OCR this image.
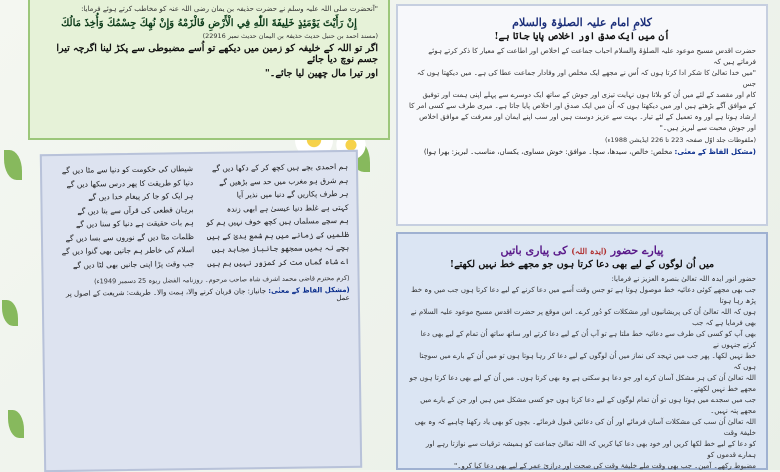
"آنحضرت صلی اللہ علیہ وسلم نے حضرت حذیفہ بن یمان رضی اللہ عنہ کو مخاطب کرتے ہوئے فرمایا:

إِنْ رَأَيْتَ يَوْمَئِذٍ خَلِيفَةَ اللّٰهِ فِي الْأَرْضِ فَالْزَمْهُ وَإِنْ نُهِكَ جِسْمُكَ وَأُخِذَ مَالُكَ

(مسند احمد بن حنبل حدیث حذیفۃ بن الیمان حدیث نمبر 22916)

اگر تو اللہ کے خلیفہ کو زمین میں دیکھے تو اُسے مضبوطی سے پکڑ لینا اگرچہ تیرا جسم نوچ دیا جائے

اور تیرا مال چھین لیا جائے۔"

کلامِ امام علیہ الصلوٰۃ والسلام

اُن میں ایک صدق اور اخلاص پایا جاتا ہے!

حضرت اقدس مسیح موعود علیہ الصلوٰۃ والسلام احباب جماعت کے اخلاص اور اطاعت کے معیار کا ذکر کرتے ہوئے فرماتے ہیں کہ

"میں خدا تعالیٰ کا شکر ادا کرتا ہوں کہ اُس نے مجھے ایک مخلص اور وفادار جماعت عطا کی ہے۔ میں دیکھتا ہوں کہ جس

کام اور مقصد کے لئے میں اُن کو بلاتا ہوں نہایت تیزی اور جوش کے ساتھ ایک دوسرے سے پہلے اپنی ہمت اور توفیق

کے موافق آگے بڑھتے ہیں اور میں دیکھتا ہوں کہ اُن میں ایک صدق اور اخلاص پایا جاتا ہے۔ میری طرف سے کسی امر کا

ارشاد ہوتا ہے اور وہ تعمیل کے لئے تیار۔ بہت سے عزیز دوست ہیں اور سب اپنے ایمان اور معرفت کے موافق اخلاص

اور جوش محبت سے لبریز ہیں۔"

(ملفوظات جلد اوّل صفحہ 223 تا 226 ایڈیشن 1988ء)

(مشکل الفاظ کے معنٰی: مخلص: خالص، سیدھا، سچا۔ موافق: خوش مساوی، یکساں، مناسب۔ لبریز: بھرا ہوا)

ہم احمدی بچے ہیں کچھ کر کے دکھا دیں گے
ہم شرق ہو مغرب میں حد سے بڑھیں گے
ہر طرف پکاریں گے دنیا میں نذیر آیا
کہتی ہے غلط دنیا عیسیٰ ہے ابھی زندہ
ہم سچے مسلماں ہیں کچھ خوف نہیں ہم کو
ظلمیں کے زمانے میں ہم شمع ہدیٰ کے ہیں
بچے نہ ہمیں سمجھو جانباز مجاہد ہیں
اے شاہ گماں مت کر کمزور نہیں ہم ہیں
شیطاں کی حکومت کو دنیا سے مٹا دیں گے
دنیا کو طریقت کا پھر درس سکھا دیں گے
ہر ایک کو جا کر پیغام خدا دیں گے
برہان قطعی کی قرآں سے بتا دیں گے
ہم بات حقیقت ہے دنیا کو سنا دیں گے
ظلمات مٹا دیں گے نوروں سے بسا دیں گے
اسلام کی خاطر ہم جانیں بھی گنوا دیں گے
جب وقت پڑا اپنی جانیں بھی لٹا دیں گے

(کرم محترم قاضی محمد اشرف شاہ صاحب مرحوم۔ روزنامہ الفضل ربوہ 25 دسمبر 1949ء)

(مشکل الفاظ کے معنٰی: جانباز: جان قربان کرنے والا، ہمت والا۔ طریقت: شریعت کے اصول پر عمل

پیارے حضور (ایدہ اللہ) کی پیاری باتیں

میں اُن لوگوں کے لیے بھی دعا کرتا ہوں جو مجھے خط نہیں لکھتے!

حضور انور ایدہ اللہ تعالیٰ بنصرہ العزیز نے فرمایا:

جب بھی مجھے کوئی دعائیہ خط موصول ہوتا ہے تو جس وقت اُسے میں دعا کرنے کے لیے دعا کرتا ہوں جب میں وہ خط پڑھ رہا ہوتا

ہوں کہ اللہ تعالیٰ اُن کی پریشانیوں اور مشکلات کو دُور کرے۔ اس موقع پر حضرت اقدس مسیح موعود علیہ السلام نے بھی فرمایا ہے کہ جب

بھی آپ کو کسی کی طرف سے دعائیہ خط ملتا ہے تو آپ اُن کے لیے دعا کرتے اور ساتھ ساتھ اُن تمام کے لیے بھی دعا کرتے جنہوں نے

خط نہیں لکھا۔ پھر جب میں تہجد کی نماز میں اُن لوگوں کے لیے دعا کر رہا ہوتا ہوں تو میں اُن کے بارے میں سوچتا ہوں کہ

اللہ تعالیٰ اُن کی ہر مشکل آسان کرے اور جو دعا ہو سکتی ہے وہ بھی کرتا ہوں۔ میں اُن کے لیے بھی دعا کرتا ہوں جو مجھے خط نہیں لکھتے۔

جب میں سجدے میں ہوتا ہوں تو اُن تمام لوگوں کے لیے دعا کرتا ہوں جو کسی مشکل میں ہیں اور جن کے بارے میں مجھے پتہ نہیں۔

اللہ تعالیٰ اُن سب کی مشکلات آسان فرمائے اور اُن کی دعائیں قبول فرمائے۔ بچوں کو بھی یاد رکھنا چاہیے کہ وہ بھی خلیفۂ وقت

کو دعا کے لیے خط لکھا کریں اور خود بھی دعا کیا کریں کہ اللہ تعالیٰ جماعت کو ہمیشہ ترقیات سے نوازتا رہے اور ہمارے قدموں کو

مضبوط رکھے۔ آمین۔ جب بھی وقت ملے خلیفۂ وقت کی صحت اور درازیٔ عمر کے لیے بھی دعا کیا کرو۔"
